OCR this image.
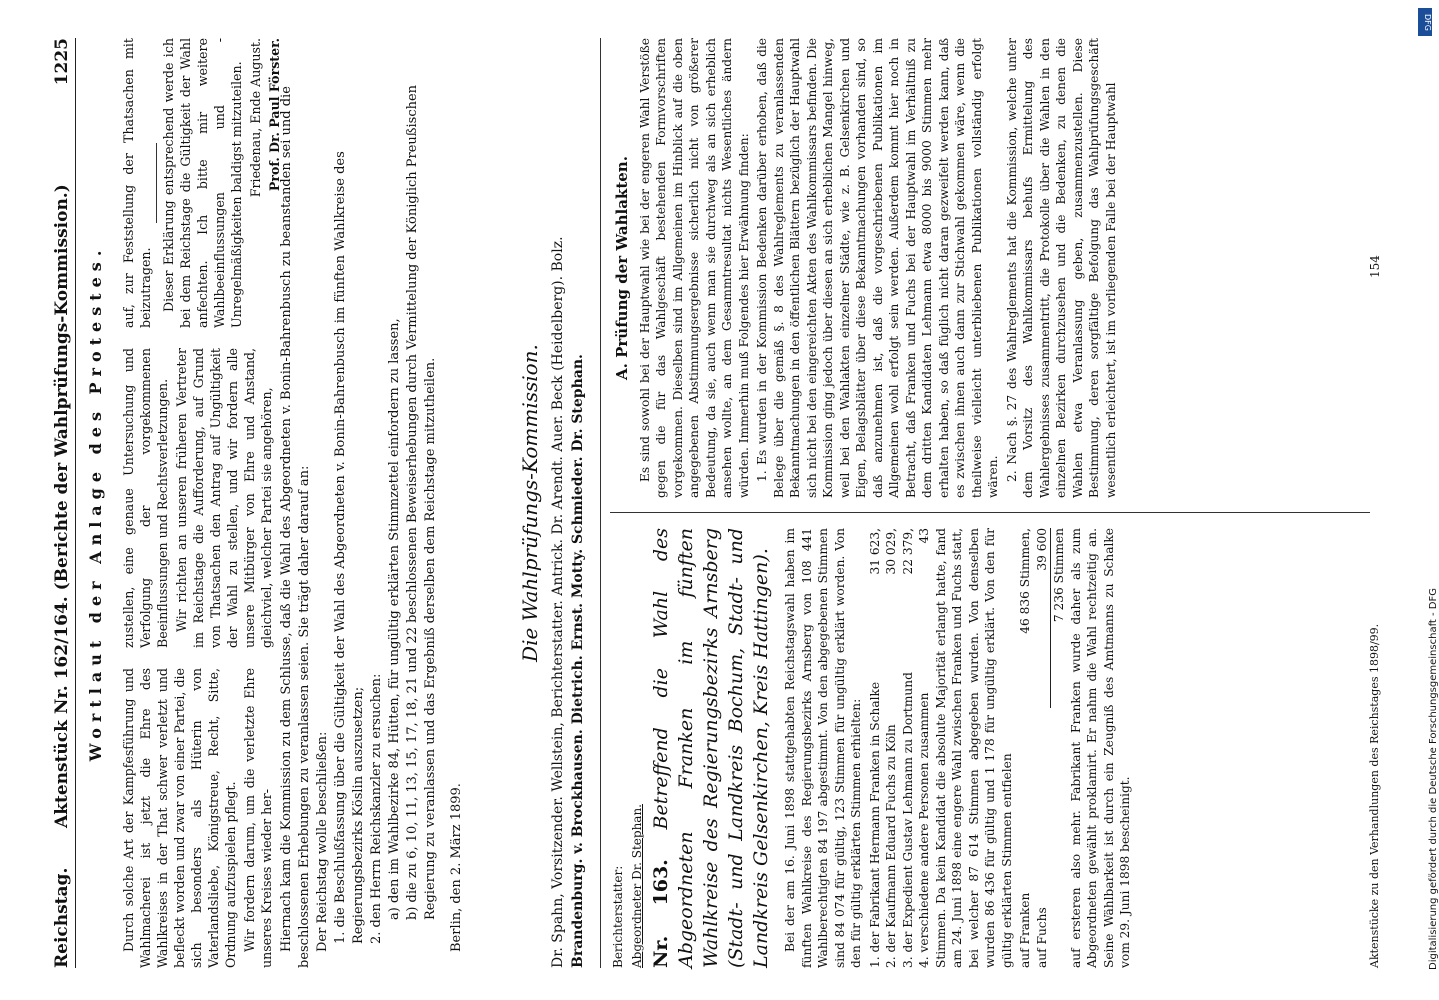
Reichstag.
Aktenstück Nr. 162/164. (Berichte der Wahlprüfungs-Kommission.)
1225
Wortlaut der Anlage des Protestes.

Durch solche Art der Kampfesführung und Wahlmacherei ist jetzt die Ehre des Wahlkreises in der That schwer verletzt und befleckt worden und zwar von einer Partei, die sich besonders als Hüterin von Vaterlandsliebe, Königstreue, Recht, Sitte, Ordnung aufzuspielen pflegt. Wir fordern darum, um die verletzte Ehre unseres Kreises wieder her-

zustellen, eine genaue Untersuchung und Verfolgung der vorgekommenen Beeinflussungen und Rechtsverletzungen. Wir richten an unseren früheren Vertreter im Reichstage die Aufforderung, auf Grund von Thatsachen den Antrag auf Ungültigkeit der Wahl zu stellen, und wir fordern alle unsere Mitbürger von Ehre und Anstand, gleichviel, welcher Partei sie angehören,

auf, zur Feststellung der Thatsachen mit beizutragen. Dieser Erklärung entsprechend werde ich bei dem Reichstage die Gültigkeit der Wahl anfechten. Ich bitte mir weitere Wahlbeeinflussungen und -Unregelmäßigkeiten baldigst mitzuteilen. Friedenau, Ende August. Prof. Dr. Paul Förster.

Hiernach kam die Kommission zu dem Schlusse, daß die Wahl des Abgeordneten v. Bonin-Bahrenbusch zu beanstanden sei und die beschlossenen Erhebungen zu veranlassen seien. Sie trägt daher darauf an: Der Reichstag wolle beschließen: 1. die Beschlußfassung über die Gültigkeit der Wahl des Abgeordneten v. Bonin-Bahrenbusch im fünften Wahlkreise des Regierungsbezirks Köslin auszusetzen; 2. den Herrn Reichskanzler zu ersuchen: a) den im Wahlbezirke 84, Hütten, für ungültig erklärten Stimmzettel einfordern zu lassen, b) die zu 6, 10, 11, 13, 15, 17, 18, 21 und 22 beschlossenen Beweiserhebungen durch Vermittelung der Königlich Preußischen Regierung zu veranlassen und das Ergebniß derselben dem Reichstage mitzutheilen. Berlin, den 2. März 1899.

Die Wahlprüfungs-Kommission. Dr. Spahn, Vorsitzender. Wellstein, Berichterstatter. Antrick. Dr. Arendt. Auer. Beck (Heidelberg). Bolz. Brandenburg. v. Brockhausen. Dietrich. Ernst. Motty. Schmieder. Dr. Stephan. Berichterstatter: Abgeordneter Dr. Stephan. Nr. 163. Betreffend die Wahl des Abgeordneten Franken im fünften Wahlkreise des Regierungsbezirks Arnsberg (Stadt- und Landkreis Bochum, Stadt- und Landkreis Gelsenkirchen, Kreis Hattingen). Bei der am 16. Juni 1898 stattgehabten Reichstagswahl haben im fünften Wahlkreise des Regierungsbezirks Arnsberg von 108 441 Wahlberechtigten 84 197 abgestimmt. Von den abgegebenen Stimmen sind 84 074 für gültig, 123 Stimmen für ungültig erklärt worden. Von den für gültig erklärten Stimmen erhielten: 1. der Fabrikant Hermann Franken in Schalke
31 623,
2. der Kaufmann Eduard Fuchs zu Köln
30 029,
3. der Expedient Gustav Lehmann zu Dortmund
22 379,
4. verschiedene andere Personen zusammen
43 Stimmen. Da kein Kandidat die absolute Majorität erlangt hatte, fand am 24. Juni 1898 eine engere Wahl zwischen Franken und Fuchs statt, bei welcher 87 614 Stimmen abgegeben wurden. Von denselben wurden 86 436 für gültig und 1 178 für ungültig erklärt. Von den für gültig erklärten Stimmen entfielen auf Franken
46 836 Stimmen,
auf Fuchs
39 600 7 236 Stimmen auf ersteren also mehr. Fabrikant Franken wurde daher als zum Abgeordneten gewählt proklamirt. Er nahm die Wahl rechtzeitig an. Seine Wählbarkeit ist durch ein Zeugniß des Amtmanns zu Schalke vom 29. Juni 1898 bescheinigt.	Aktenstücke zu den Verhandlungen des Reichstages 1898/99.
A. Prüfung der Wahlakten. Es sind sowohl bei der Hauptwahl wie bei der engeren Wahl Verstöße gegen die für das Wahlgeschäft bestehenden Formvorschriften vorgekommen. Dieselben sind im Allgemeinen im Hinblick auf die oben angegebenen Abstimmungsergebnisse sicherlich nicht von größerer Bedeutung, da sie, auch wenn man sie durchweg als an sich erheblich ansehen wollte, an dem Gesammtresultat nichts Wesentliches ändern würden. Immerhin muß Folgendes hier Erwähnung finden: 1. Es wurden in der Kommission Bedenken darüber erhoben, daß die Belege über die gemäß §. 8 des Wahlreglements zu veranlassenden Bekanntmachungen in den öffentlichen Blättern bezüglich der Hauptwahl sich nicht bei den eingereichten Akten des Wahlkommissars befinden. Die Kommission ging jedoch über diesen an sich erheblichen Mangel hinweg, weil bei den Wahlakten einzelner Städte, wie z. B. Gelsenkirchen und Eigen, Belagsblätter über diese Bekanntmachungen vorhanden sind, so daß anzunehmen ist, daß die vorgeschriebenen Publikationen im Allgemeinen wohl erfolgt sein werden. Außerdem kommt hier noch in Betracht, daß Franken und Fuchs bei der Hauptwahl im Verhältniß zu dem dritten Kandidaten Lehmann etwa 8000 bis 9000 Stimmen mehr erhalten haben, so daß füglich nicht daran gezweifelt werden kann, daß es zwischen ihnen auch dann zur Stichwahl gekommen wäre, wenn die theilweise vielleicht unterbliebenen Publikationen vollständig erfolgt wären. 2. Nach §. 27 des Wahlreglements hat die Kommission, welche unter dem Vorsitz des Wahlkommissars behufs Ermittelung des Wahlergebnisses zusammentritt, die Protokolle über die Wahlen in den einzelnen Bezirken durchzusehen und die Bedenken, zu denen die Wahlen etwa Veranlassung geben, zusammenzustellen. Diese Bestimmung, deren sorgfältige Befolgung das Wahlprüfungsgeschäft wesentlich erleichtert, ist im vorliegenden Falle bei der Hauptwahl	154
Digitalisierung gefördert durch die Deutsche Forschungsgemeinschaft - DFG
DFG
